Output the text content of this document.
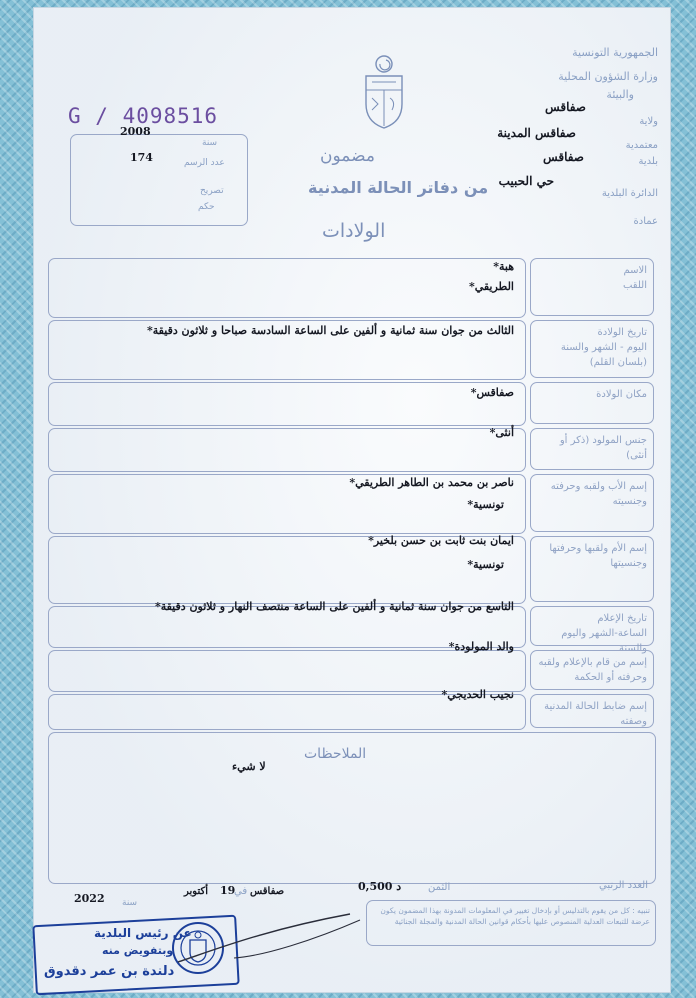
الجمهورية التونسية
وزارة الشؤون المحلية
والبيئة
ولاية
صفاقس
معتمدية
صفاقس المدينة
بلدية
صفاقس
الدائرة البلدية
حي الحبيب
عمادة
G / 4098516
2008
سنة
174	عدد الرسم
تصريح
حكم
مضمون
من دفاتر الحالة المدنية
الولادات
الاسم
اللقب
هبة*
الطريقي*
تاريخ الولادة
اليوم - الشهر والسنة
(بلسان القلم)
الثالث من جوان سنة ثمانية و ألفين على الساعة السادسة صباحا و ثلاثون دقيقة*
مكان الولادة
صفاقس*
جنس المولود (ذكر أو أنثى)
أنثى*
إسم الأب ولقبه وحرفته
وجنسيته
ناصر بن محمد بن الطاهر الطريقي*
تونسية*
إسم الأم ولقبها وحرفتها
وجنسيتها
ايمان بنت ثابت بن حسن بلخير*
تونسية*
تاريخ الإعلام
الساعة-الشهر واليوم والسنة
التاسع من جوان سنة ثمانية و ألفين على الساعة منتصف النهار و ثلاثون دقيقة*
إسم من قام بالإعلام ولقبه
وحرفته أو الحكمة
والد المولودة*
إسم ضابط الحالة المدنية
وصفته
نجيب الحديجي*
الملاحظات
لا شيء
العدد الرتبي
الثمن
0,500 د
صفاقس
في
19
أكتوبر
سنة
2022
تنبيه : كل من يقوم بالتدليس أو بإدخال تغيير في المعلومات المدونة بهذا المضمون يكون عرضة للتبعات العدلية المنصوص عليها بأحكام قوانين الحالة المدنية والمجلة الجنائية
عن رئيس البلدية
وبتفويض منه
دلندة بن عمر دقدوق
